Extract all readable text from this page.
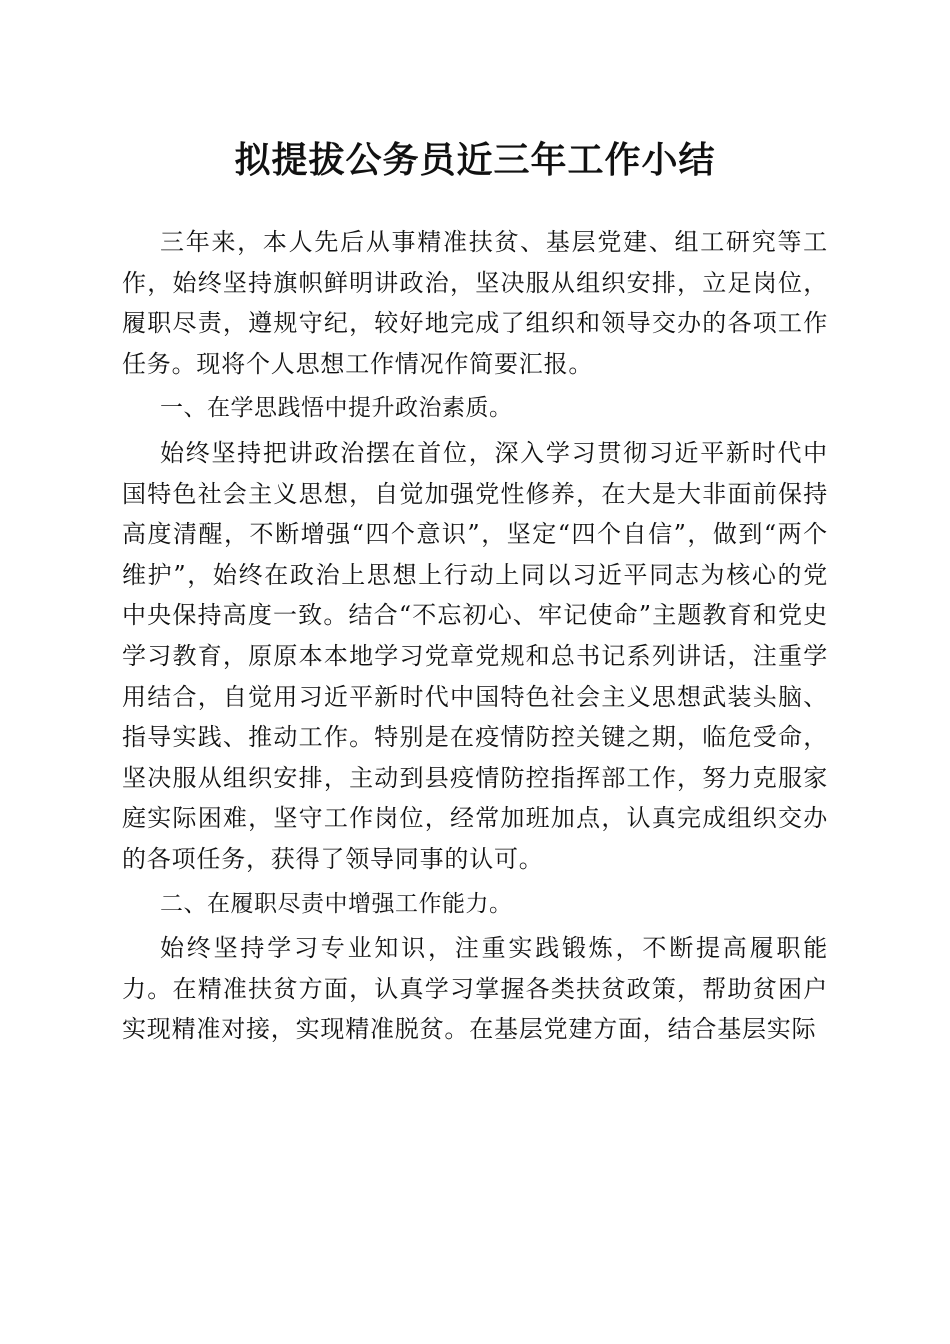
拟提拔公务员近三年工作小结

三年来，本人先后从事精准扶贫、基层党建、组工研究等工作，始终坚持旗帜鲜明讲政治，坚决服从组织安排，立足岗位，履职尽责，遵规守纪，较好地完成了组织和领导交办的各项工作任务。现将个人思想工作情况作简要汇报。

一、在学思践悟中提升政治素质。

始终坚持把讲政治摆在首位，深入学习贯彻习近平新时代中国特色社会主义思想，自觉加强党性修养，在大是大非面前保持高度清醒，不断增强“四个意识”，坚定“四个自信”，做到“两个维护”，始终在政治上思想上行动上同以习近平同志为核心的党中央保持高度一致。结合“不忘初心、牢记使命”主题教育和党史学习教育，原原本本地学习党章党规和总书记系列讲话，注重学用结合，自觉用习近平新时代中国特色社会主义思想武装头脑、指导实践、推动工作。特别是在疫情防控关键之期，临危受命，坚决服从组织安排，主动到县疫情防控指挥部工作，努力克服家庭实际困难，坚守工作岗位，经常加班加点，认真完成组织交办的各项任务，获得了领导同事的认可。

二、在履职尽责中增强工作能力。

始终坚持学习专业知识，注重实践锻炼，不断提高履职能力。在精准扶贫方面，认真学习掌握各类扶贫政策，帮助贫困户实现精准对接，实现精准脱贫。在基层党建方面，结合基层实际
